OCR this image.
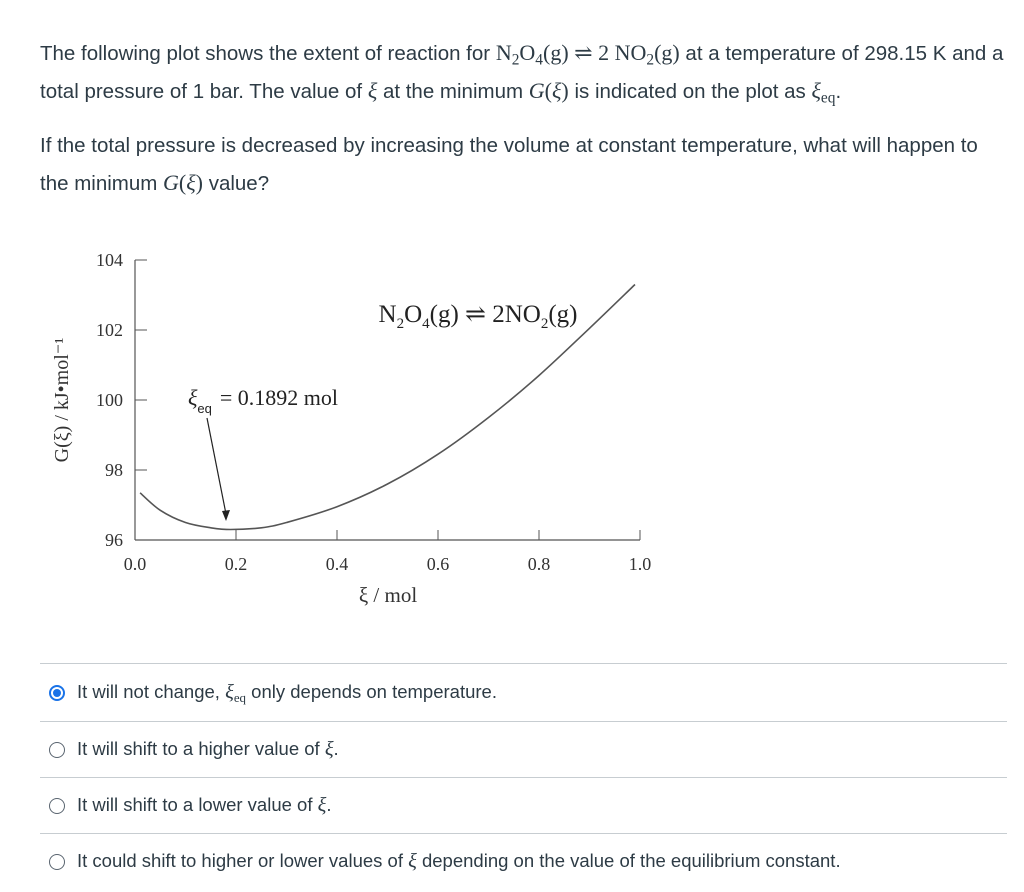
The following plot shows the extent of reaction for $N_2O_4(g)$ ⇌ 2 $NO_2(g)$ at a temperature of 298.15 K and a total pressure of 1 bar. The value of ξ at the minimum G(ξ) is indicated on the plot as $\xi_{eq}$.

If the total pressure is decreased by increasing the volume at constant temperature, what will happen to the minimum G(ξ) value?

96
98
100
102
104
0.0	0.2	0.4	0.6	0.8	1.0
$N_2O_4(g)$ ⇌ $2NO_2(g)$
$\xi_{eq} = 0.1892$ mol
G(ξ) / kJ•mol⁻¹
ξ / mol
It will not change, $\xi_{eq}$ only depends on temperature.
It will shift to a higher value of ξ.
It will shift to a lower value of ξ.
It could shift to higher or lower values of ξ depending on the value of the equilibrium constant.
